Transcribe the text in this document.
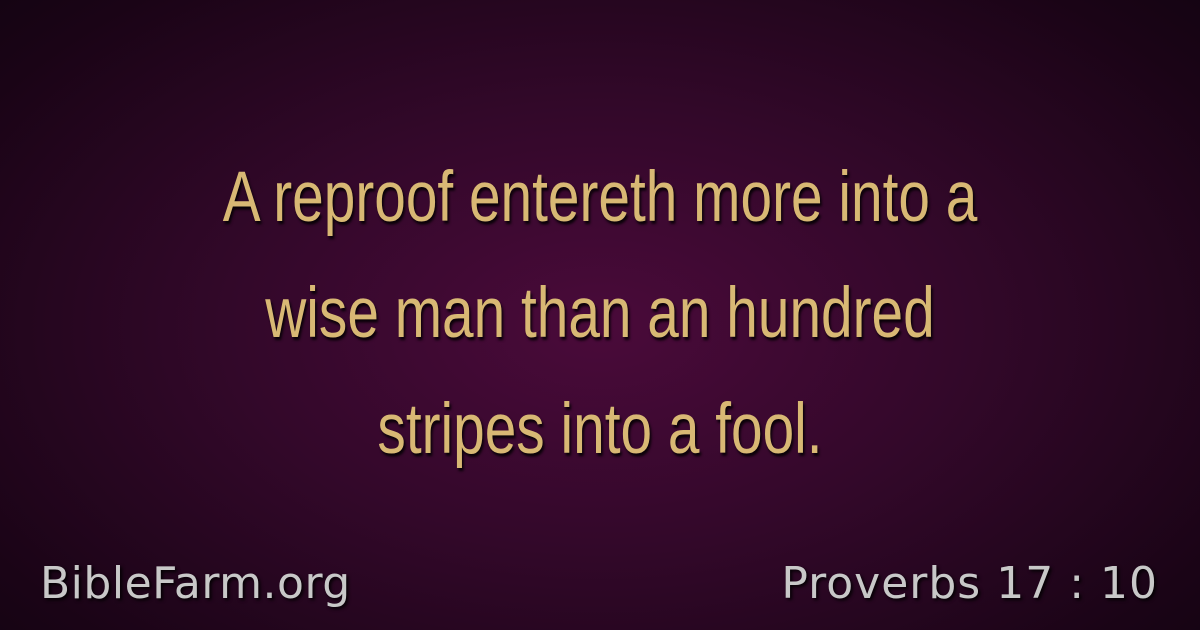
A reproof entereth more into a
wise man than an hundred
stripes into a fool.
BibleFarm.org	Proverbs 17 : 10
